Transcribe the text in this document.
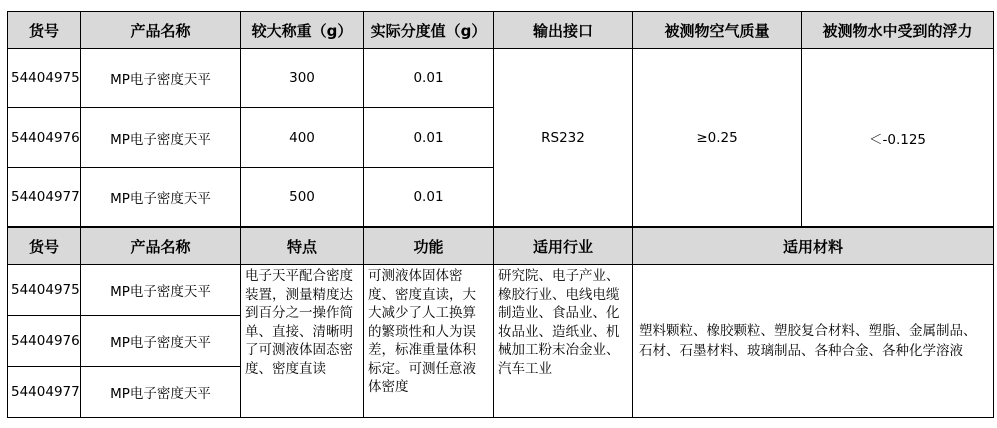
货号	产品名称	较大称重（g）	实际分度值（g）	输出接口	被测物空气质量	被测物水中受到的浮力
54404975	MP电子密度天平	300	0.01	RS232	≥0.25	＜-0.125
54404976	MP电子密度天平	400	0.01			
54404977	MP电子密度天平	500	0.01			
货号	产品名称	特点	功能	适用行业	适用材料
54404975	MP电子密度天平	电子天平配合密度装置，测量精度达到百分之一操作简单、直接、清晰明了可测液体固态密度、密度直读	可测液体固体密度、密度直读，大大减少了人工换算的繁琐性和人为误差，标准重量体积标定。可测任意液体密度	研究院、电子产业、橡胶行业、电线电缆制造业、食品业、化妆品业、造纸业、机械加工粉末冶金业、汽车工业	塑料颗粒、橡胶颗粒、塑胶复合材料、塑脂、金属制品、石材、石墨材料、玻璃制品、各种合金、各种化学溶液
54404976	MP电子密度天平				
54404977	MP电子密度天平				
